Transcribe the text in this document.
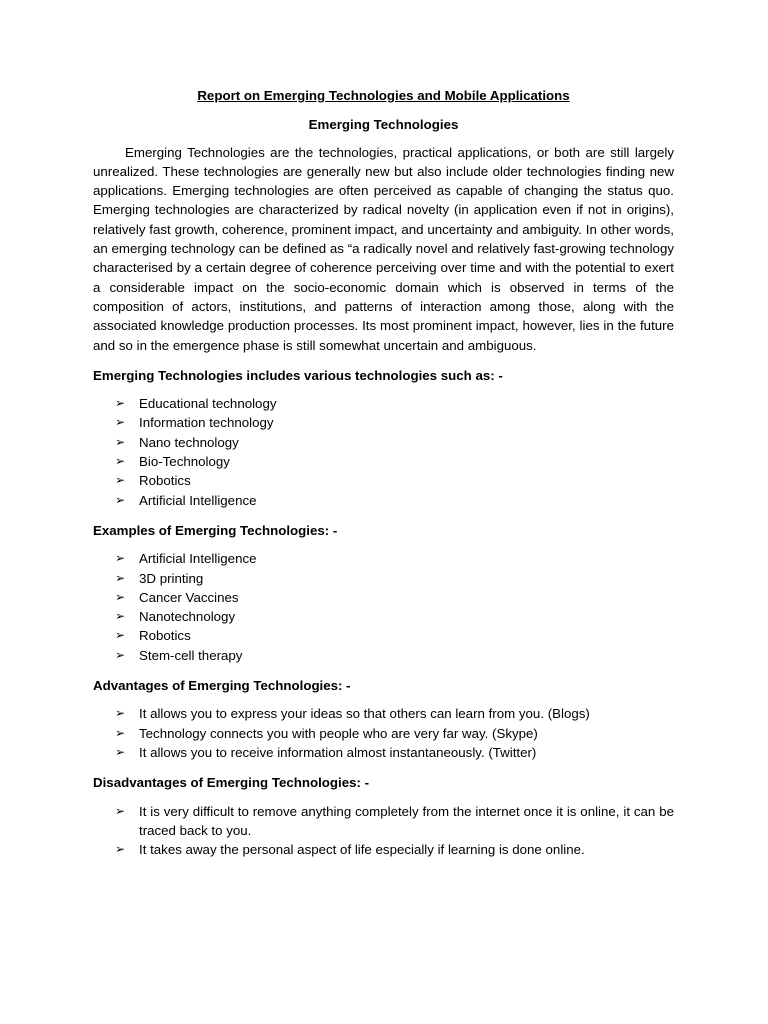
Report on Emerging Technologies and Mobile Applications

Emerging Technologies

Emerging Technologies are the technologies, practical applications, or both are still largely unrealized. These technologies are generally new but also include older technologies finding new applications. Emerging technologies are often perceived as capable of changing the status quo. Emerging technologies are characterized by radical novelty (in application even if not in origins), relatively fast growth, coherence, prominent impact, and uncertainty and ambiguity. In other words, an emerging technology can be defined as “a radically novel and relatively fast-growing technology characterised by a certain degree of coherence perceiving over time and with the potential to exert a considerable impact on the socio-economic domain which is observed in terms of the composition of actors, institutions, and patterns of interaction among those, along with the associated knowledge production processes. Its most prominent impact, however, lies in the future and so in the emergence phase is still somewhat uncertain and ambiguous.

Emerging Technologies includes various technologies such as: -

➢ Educational technology
➢ Information technology
➢ Nano technology
➢ Bio-Technology
➢ Robotics
➢ Artificial Intelligence

Examples of Emerging Technologies: -

➢ Artificial Intelligence
➢ 3D printing
➢ Cancer Vaccines
➢ Nanotechnology
➢ Robotics
➢ Stem-cell therapy

Advantages of Emerging Technologies: -

➢ It allows you to express your ideas so that others can learn from you. (Blogs)
➢ Technology connects you with people who are very far way. (Skype)
➢ It allows you to receive information almost instantaneously. (Twitter)

Disadvantages of Emerging Technologies: -

➢ It is very difficult to remove anything completely from the internet once it is online, it can be traced back to you.
➢ It takes away the personal aspect of life especially if learning is done online.
